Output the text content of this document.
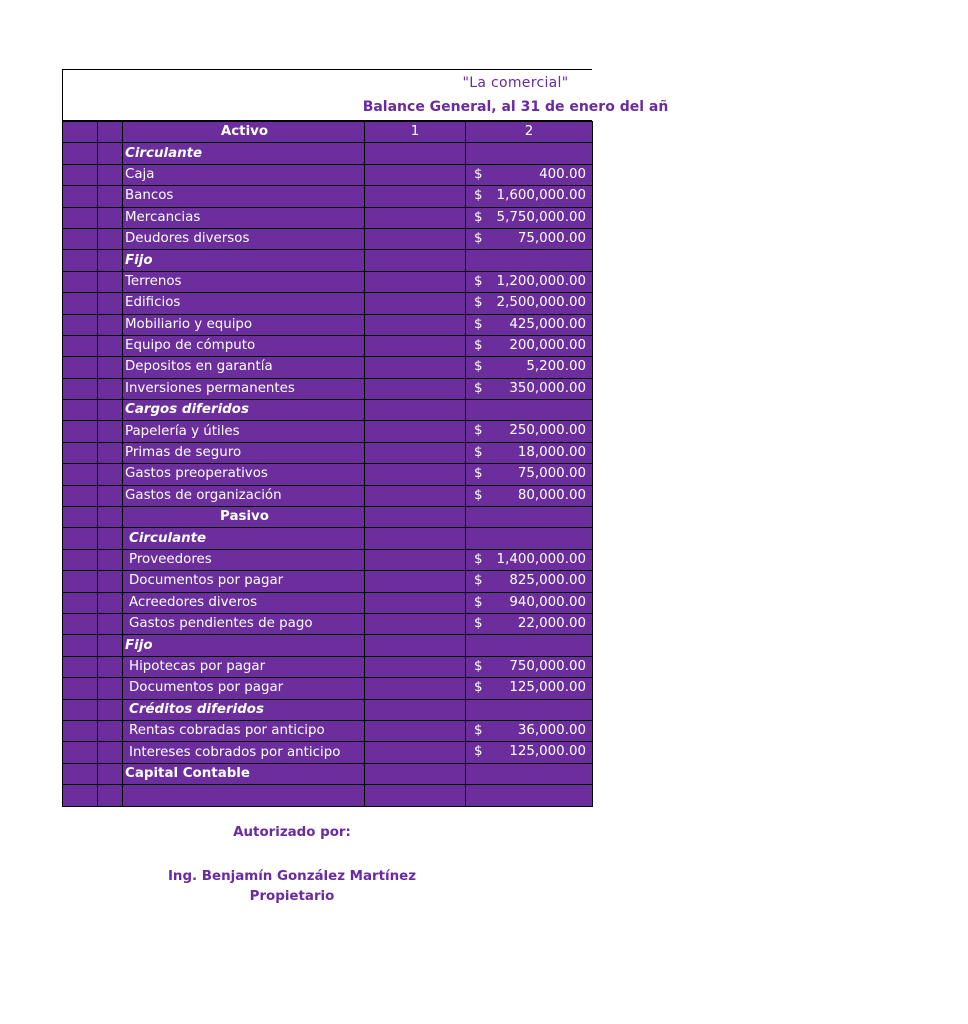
"La comercial"
Balance General, al 31 de enero del añ
		Activo	1	2
		Circulante		
		Caja		$ 400.00

		Bancos		$ 1,600,000.00

		Mercancias		$ 5,750,000.00

		Deudores diversos		$ 75,000.00

		Fijo		
		Terrenos		$ 1,200,000.00

		Edificios		$ 2,500,000.00

		Mobiliario y equipo		$ 425,000.00

		Equipo de cómputo		$ 200,000.00

		Depositos en garantía		$ 5,200.00

		Inversiones permanentes		$ 350,000.00

		Cargos diferidos		
		Papelería y útiles		$ 250,000.00

		Primas de seguro		$ 18,000.00

		Gastos preoperativos		$ 75,000.00

		Gastos de organización		$ 80,000.00

		Pasivo		
		Circulante		
		Proveedores		$ 1,400,000.00

		Documentos por pagar		$ 825,000.00

		Acreedores diveros		$ 940,000.00

		Gastos pendientes de pago		$ 22,000.00

		Fijo		
		Hipotecas por pagar		$ 750,000.00

		Documentos por pagar		$ 125,000.00

		Créditos diferidos		
		Rentas cobradas por anticipo		$ 36,000.00

		Intereses cobrados por anticipo		$ 125,000.00

		Capital Contable		

Autorizado por:
Ing. Benjamín González Martínez
Propietario
